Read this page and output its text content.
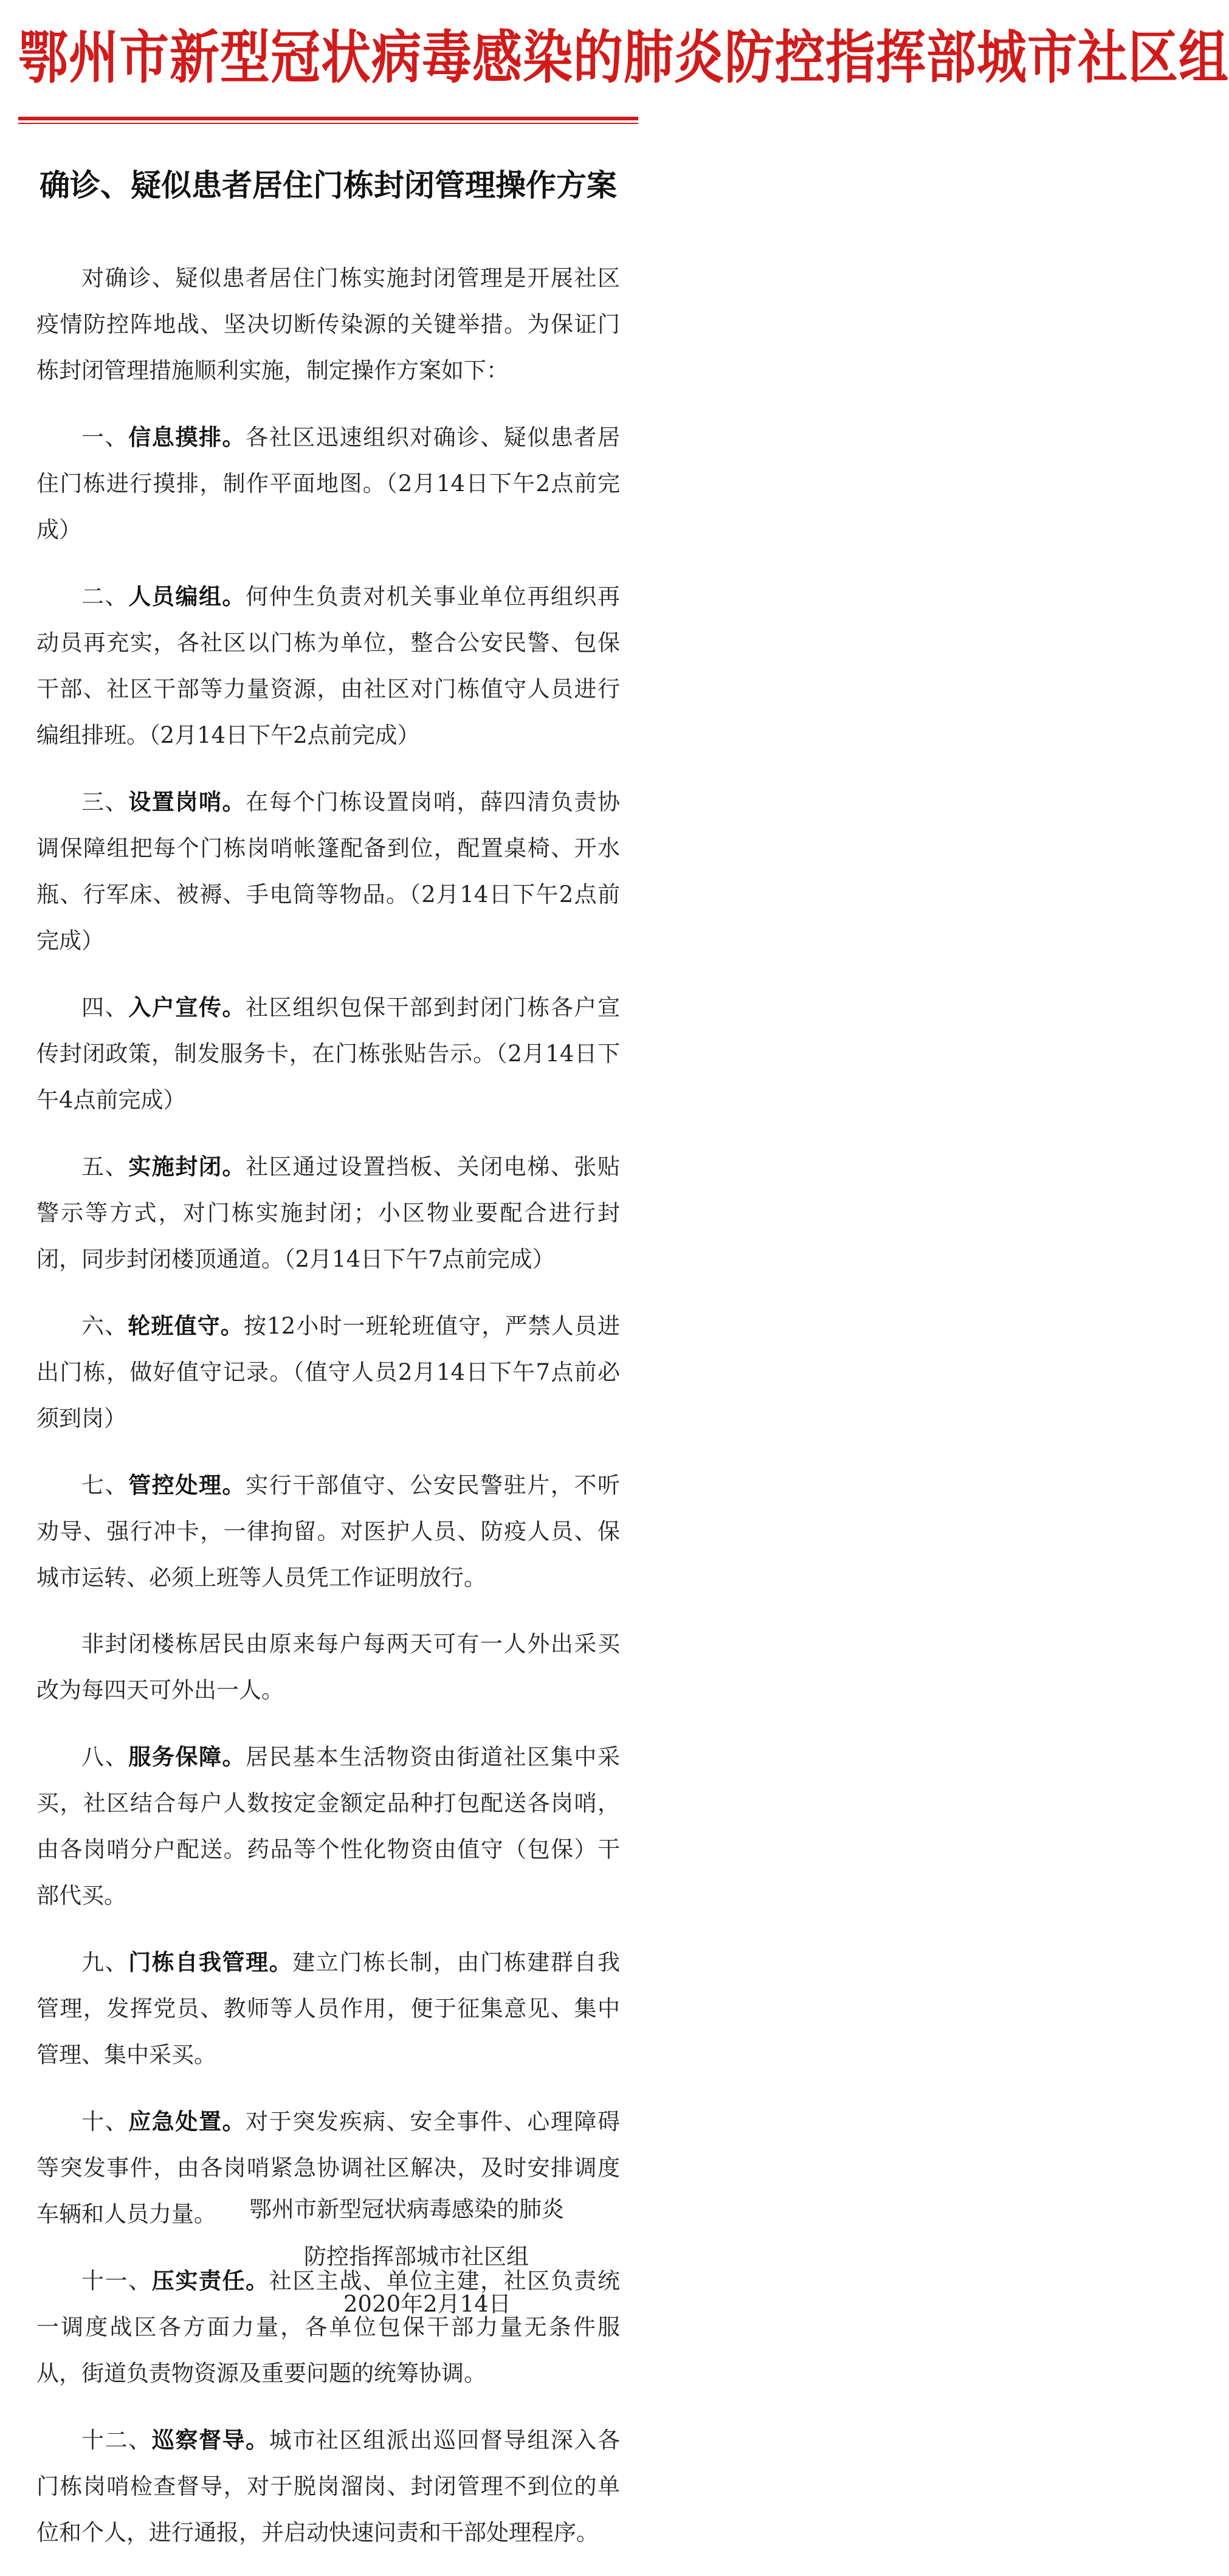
鄂州市新型冠状病毒感染的肺炎防控指挥部城市社区组
确诊、疑似患者居住门栋封闭管理操作方案

对确诊、疑似患者居住门栋实施封闭管理是开展社区疫情防控阵地战、坚决切断传染源的关键举措。为保证门栋封闭管理措施顺利实施，制定操作方案如下：

一、信息摸排。各社区迅速组织对确诊、疑似患者居住门栋进行摸排，制作平面地图。（2月14日下午2点前完成）

二、人员编组。何仲生负责对机关事业单位再组织再动员再充实，各社区以门栋为单位，整合公安民警、包保干部、社区干部等力量资源，由社区对门栋值守人员进行编组排班。（2月14日下午2点前完成）

三、设置岗哨。在每个门栋设置岗哨，薛四清负责协调保障组把每个门栋岗哨帐篷配备到位，配置桌椅、开水瓶、行军床、被褥、手电筒等物品。（2月14日下午2点前完成）

四、入户宣传。社区组织包保干部到封闭门栋各户宣传封闭政策，制发服务卡，在门栋张贴告示。（2月14日下午4点前完成）

五、实施封闭。社区通过设置挡板、关闭电梯、张贴警示等方式，对门栋实施封闭；小区物业要配合进行封闭，同步封闭楼顶通道。（2月14日下午7点前完成）

六、轮班值守。按12小时一班轮班值守，严禁人员进出门栋，做好值守记录。（值守人员2月14日下午7点前必须到岗）

七、管控处理。实行干部值守、公安民警驻片，不听劝导、强行冲卡，一律拘留。对医护人员、防疫人员、保城市运转、必须上班等人员凭工作证明放行。

非封闭楼栋居民由原来每户每两天可有一人外出采买改为每四天可外出一人。

八、服务保障。居民基本生活物资由街道社区集中采买，社区结合每户人数按定金额定品种打包配送各岗哨，由各岗哨分户配送。药品等个性化物资由值守（包保）干部代买。

九、门栋自我管理。建立门栋长制，由门栋建群自我管理，发挥党员、教师等人员作用，便于征集意见、集中管理、集中采买。

十、应急处置。对于突发疾病、安全事件、心理障碍等突发事件，由各岗哨紧急协调社区解决，及时安排调度车辆和人员力量。

十一、压实责任。社区主战、单位主建，社区负责统一调度战区各方面力量，各单位包保干部力量无条件服从，街道负责物资源及重要问题的统筹协调。

十二、巡察督导。城市社区组派出巡回督导组深入各门栋岗哨检查督导，对于脱岗溜岗、封闭管理不到位的单位和个人，进行通报，并启动快速问责和干部处理程序。

鄂州市新型冠状病毒感染的肺炎
防控指挥部城市社区组
2020年2月14日
